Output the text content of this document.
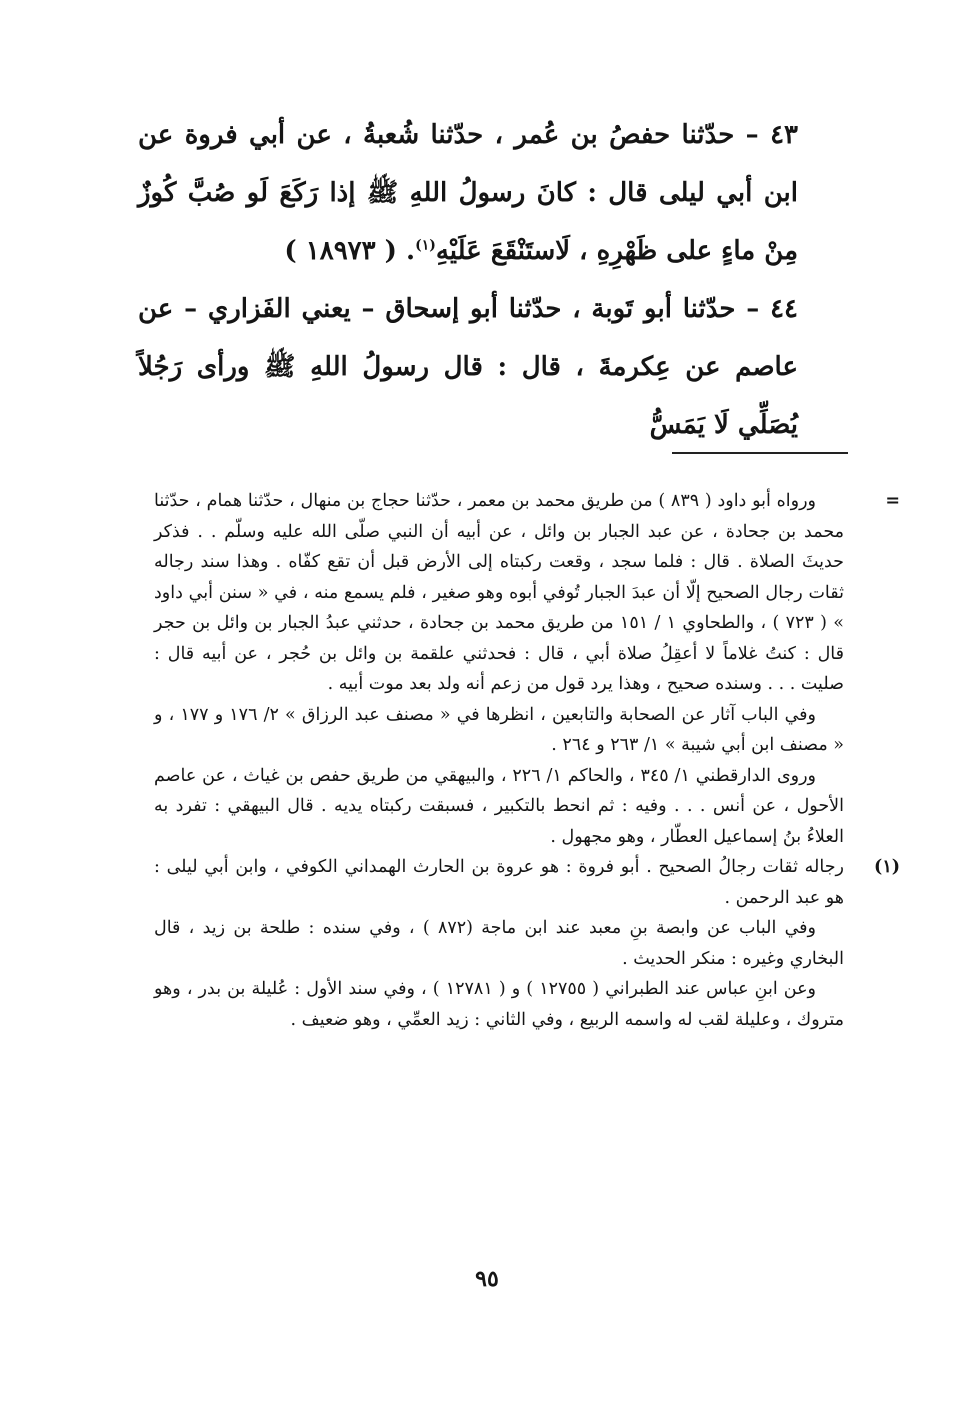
٤٣ – حدّثنا حفصُ بن عُمر ، حدّثنا شُعبةُ ، عن أبي فروة عن ابن أبي ليلى قال : كانَ رسولُ اللهِ ﷺ إذا رَكَعَ لَو صُبَّ كُوزٌ مِنْ ماءٍ على ظَهْرِهِ ، لَاستَنْقَعَ عَلَيْهِ$^{(١)}$. ( ١٨٩٧٣ )

٤٤ – حدّثنا أبو تَوبة ، حدّثنا أبو إسحاق – يعني الفَزاري – عن عاصم عن عِكرمةَ ، قال : قال رسولُ اللهِ ﷺ ورأى رَجُلاً يُصَلِّي لَا يَمَسُّ

=

ورواه أبو داود ( ٨٣٩ ) من طريق محمد بن معمر ، حدّثنا حجاج بن منهال ، حدّثنا همام ، حدّثنا محمد بن جحادة ، عن عبد الجبار بن وائل ، عن أبيه أن النبي صلّى الله عليه وسلّم . . فذكر حديثَ الصلاة . قال : فلما سجد ، وقعت ركبتاه إلى الأرض قبل أن تقع كفّاه . وهذا سند رجاله ثقات رجال الصحيح إلّا أن عبدَ الجبار تُوفي أبوه وهو صغير ، فلم يسمع منه ، في « سنن أبي داود » ( ٧٢٣ ) ، والطحاوي ١ / ١٥١ من طريق محمد بن جحادة ، حدثني عبدُ الجبار بن وائل بن حجر قال : كنتُ غلاماً لا أعقِلُ صلاة أبي ، قال : فحدثني علقمة بن وائل بن حُجر ، عن أبيه قال : صليت . . . وسنده صحيح ، وهذا يرد قول من زعم أنه ولد بعد موت أبيه .

وفي الباب آثار عن الصحابة والتابعين ، انظرها في « مصنف عبد الرزاق » ٢/ ١٧٦ و ١٧٧ ، و « مصنف ابن أبي شيبة » ١/ ٢٦٣ و ٢٦٤ .

وروى الدارقطني ١/ ٣٤٥ ، والحاكم ١/ ٢٢٦ ، والبيهقي من طريق حفص بن غياث ، عن عاصم الأحول ، عن أنس . . . وفيه : ثم انحط بالتكبير ، فسبقت ركبتاه يديه . قال البيهقي : تفرد به العلاءُ بنُ إسماعيل العطّار ، وهو مجهول .

(١)

رجاله ثقات رجالُ الصحيح . أبو فروة : هو عروة بن الحارث الهمداني الكوفي ، وابن أبي ليلى : هو عبد الرحمن .

وفي الباب عن وابصة بنِ معبد عند ابن ماجة (٨٧٢ ) ، وفي سنده : طلحة بن زيد ، قال البخاري وغيره : منكر الحديث .

وعن ابنِ عباس عند الطبراني ( ١٢٧٥٥ ) و ( ١٢٧٨١ ) ، وفي سند الأول : عُليلة بن بدر ، وهو متروك ، وعليلة لقب له واسمه الربيع ، وفي الثاني : زيد العمِّي ، وهو ضعيف .

٩٥
